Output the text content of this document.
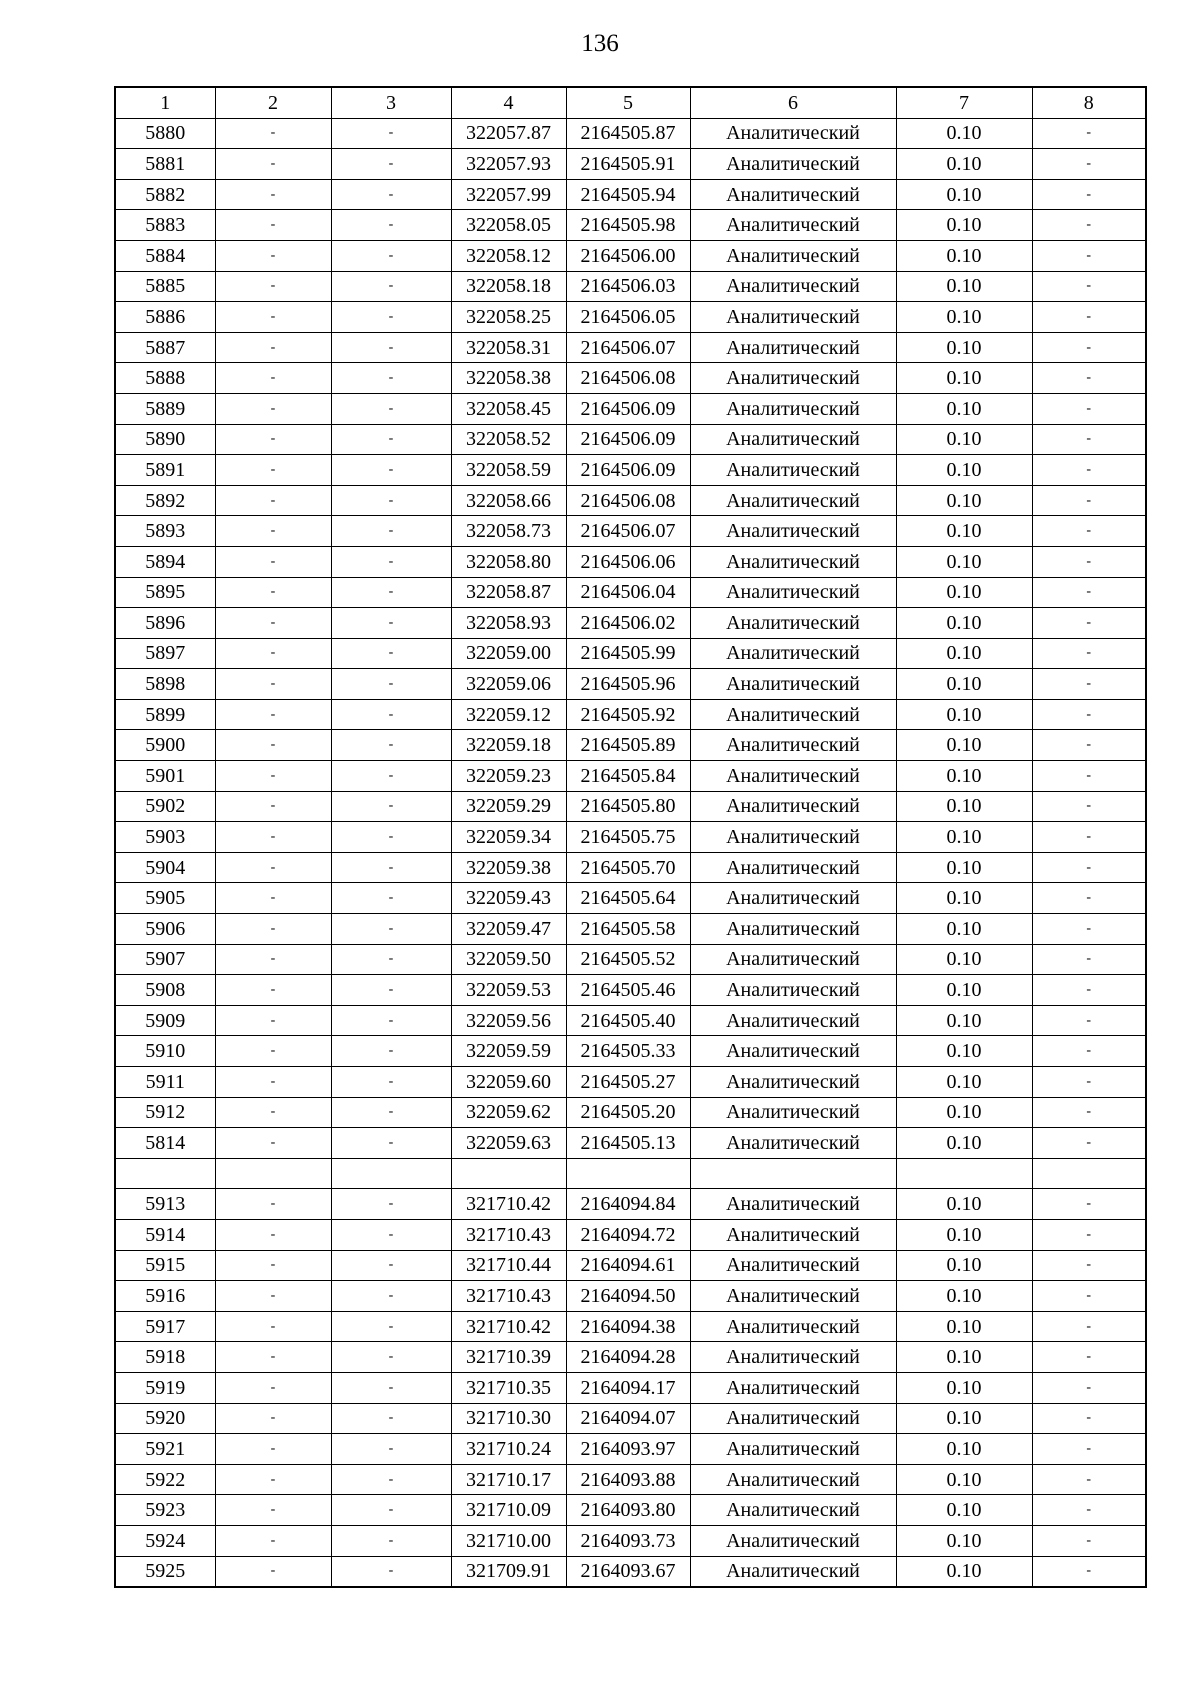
136
1	2	3	4	5	6	7	8
5880	-	-	322057.87	2164505.87	Аналитический	0.10	-
5881	-	-	322057.93	2164505.91	Аналитический	0.10	-
5882	-	-	322057.99	2164505.94	Аналитический	0.10	-
5883	-	-	322058.05	2164505.98	Аналитический	0.10	-
5884	-	-	322058.12	2164506.00	Аналитический	0.10	-
5885	-	-	322058.18	2164506.03	Аналитический	0.10	-
5886	-	-	322058.25	2164506.05	Аналитический	0.10	-
5887	-	-	322058.31	2164506.07	Аналитический	0.10	-
5888	-	-	322058.38	2164506.08	Аналитический	0.10	-
5889	-	-	322058.45	2164506.09	Аналитический	0.10	-
5890	-	-	322058.52	2164506.09	Аналитический	0.10	-
5891	-	-	322058.59	2164506.09	Аналитический	0.10	-
5892	-	-	322058.66	2164506.08	Аналитический	0.10	-
5893	-	-	322058.73	2164506.07	Аналитический	0.10	-
5894	-	-	322058.80	2164506.06	Аналитический	0.10	-
5895	-	-	322058.87	2164506.04	Аналитический	0.10	-
5896	-	-	322058.93	2164506.02	Аналитический	0.10	-
5897	-	-	322059.00	2164505.99	Аналитический	0.10	-
5898	-	-	322059.06	2164505.96	Аналитический	0.10	-
5899	-	-	322059.12	2164505.92	Аналитический	0.10	-
5900	-	-	322059.18	2164505.89	Аналитический	0.10	-
5901	-	-	322059.23	2164505.84	Аналитический	0.10	-
5902	-	-	322059.29	2164505.80	Аналитический	0.10	-
5903	-	-	322059.34	2164505.75	Аналитический	0.10	-
5904	-	-	322059.38	2164505.70	Аналитический	0.10	-
5905	-	-	322059.43	2164505.64	Аналитический	0.10	-
5906	-	-	322059.47	2164505.58	Аналитический	0.10	-
5907	-	-	322059.50	2164505.52	Аналитический	0.10	-
5908	-	-	322059.53	2164505.46	Аналитический	0.10	-
5909	-	-	322059.56	2164505.40	Аналитический	0.10	-
5910	-	-	322059.59	2164505.33	Аналитический	0.10	-
5911	-	-	322059.60	2164505.27	Аналитический	0.10	-
5912	-	-	322059.62	2164505.20	Аналитический	0.10	-
5814	-	-	322059.63	2164505.13	Аналитический	0.10	-

5913	-	-	321710.42	2164094.84	Аналитический	0.10	-
5914	-	-	321710.43	2164094.72	Аналитический	0.10	-
5915	-	-	321710.44	2164094.61	Аналитический	0.10	-
5916	-	-	321710.43	2164094.50	Аналитический	0.10	-
5917	-	-	321710.42	2164094.38	Аналитический	0.10	-
5918	-	-	321710.39	2164094.28	Аналитический	0.10	-
5919	-	-	321710.35	2164094.17	Аналитический	0.10	-
5920	-	-	321710.30	2164094.07	Аналитический	0.10	-
5921	-	-	321710.24	2164093.97	Аналитический	0.10	-
5922	-	-	321710.17	2164093.88	Аналитический	0.10	-
5923	-	-	321710.09	2164093.80	Аналитический	0.10	-
5924	-	-	321710.00	2164093.73	Аналитический	0.10	-
5925	-	-	321709.91	2164093.67	Аналитический	0.10	-
